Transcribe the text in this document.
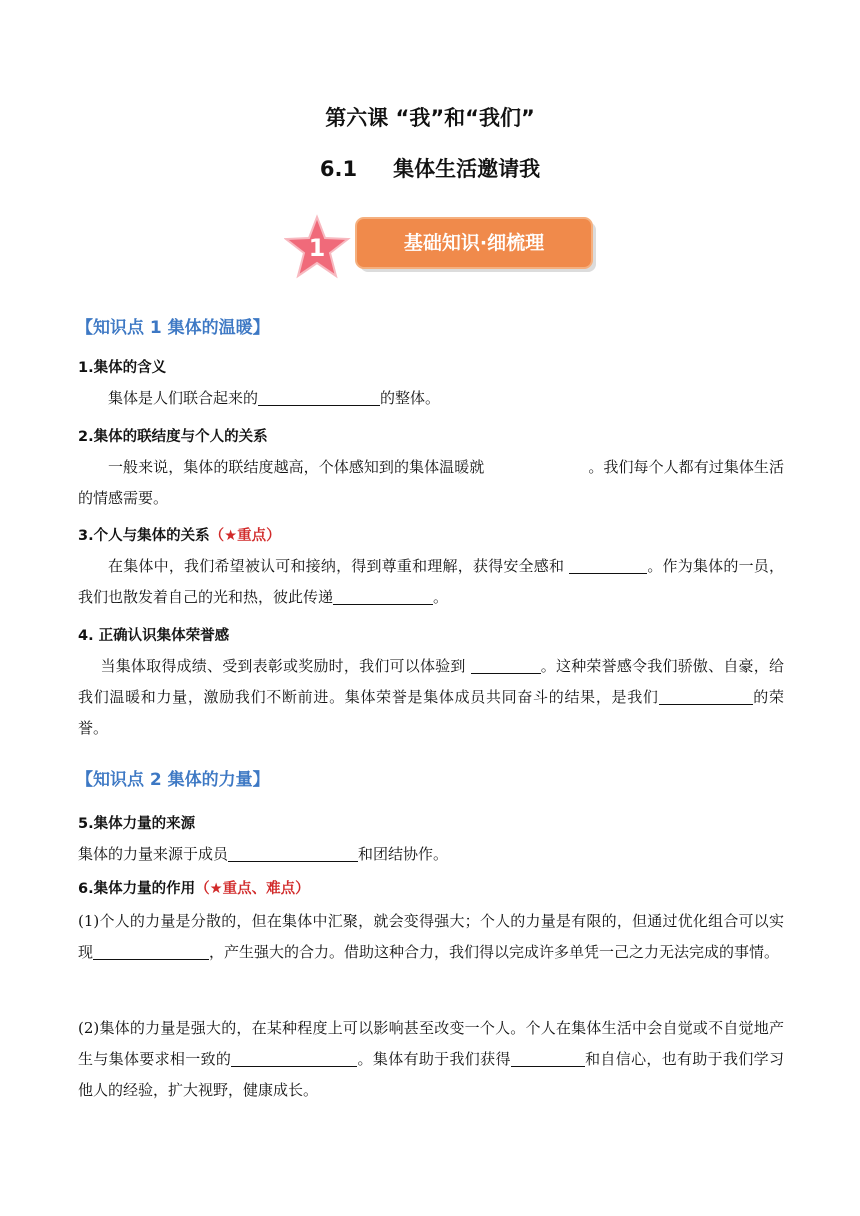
第六课 “我”和“我们”
6.1 集体生活邀请我
1	基础知识·细梳理
【知识点 1 集体的温暖】
1.集体的含义

集体是人们联合起来的	的整体。

2.集体的联结度与个人的关系

一般来说，集体的联结度越高，个体感知到的集体温暖就	。我们每个人都有过集体生活的情感需要。

3.个人与集体的关系（★重点）

在集体中，我们希望被认可和接纳，得到尊重和理解，获得安全感和	。作为集体的一员，我们也散发着自己的光和热，彼此传递	。

4. 正确认识集体荣誉感

当集体取得成绩、受到表彰或奖励时，我们可以体验到	。这种荣誉感令我们骄傲、自豪，给我们温暖和力量，激励我们不断前进。集体荣誉是集体成员共同奋斗的结果，是我们	的荣誉。

【知识点 2 集体的力量】
5.集体力量的来源

集体的力量来源于成员	和团结协作。

6.集体力量的作用（★重点、难点）

(1)个人的力量是分散的，但在集体中汇聚，就会变得强大；个人的力量是有限的，但通过优化组合可以实现	，产生强大的合力。借助这种合力，我们得以完成许多单凭一己之力无法完成的事情。

(2)集体的力量是强大的，在某种程度上可以影响甚至改变一个人。个人在集体生活中会自觉或不自觉地产生与集体要求相一致的	。集体有助于我们获得	和自信心，也有助于我们学习他人的经验，扩大视野，健康成长。
